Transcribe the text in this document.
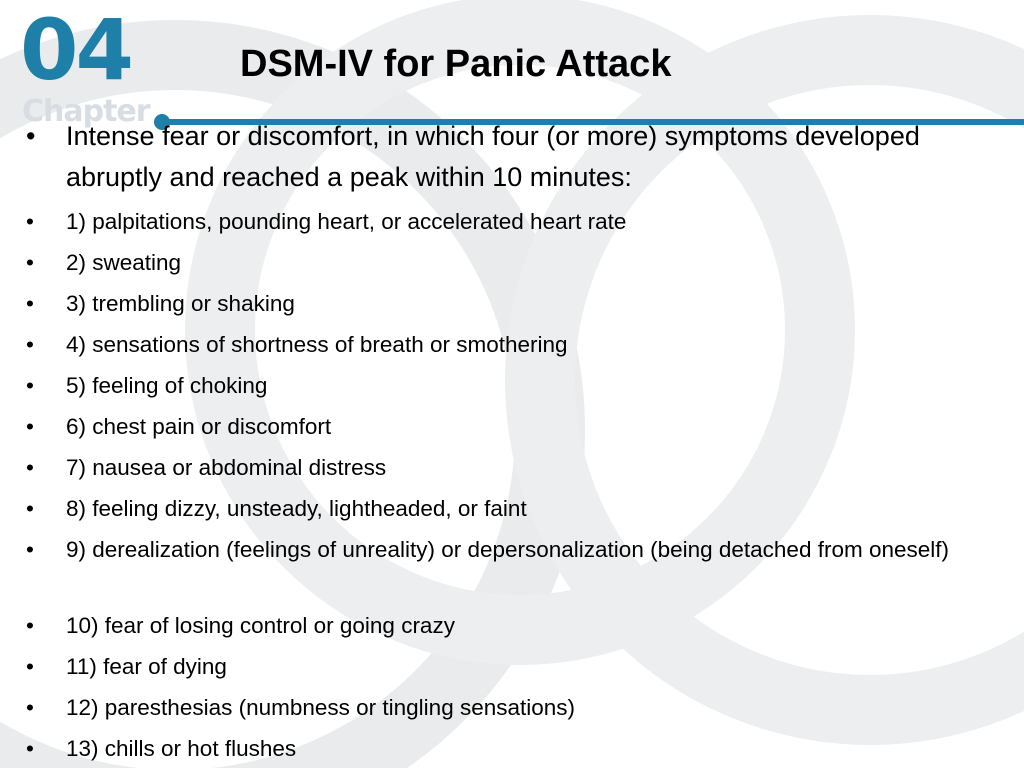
04
Chapter
DSM-IV for Panic Attack
• Intense fear or discomfort, in which four (or more) symptoms developed abruptly and reached a peak within 10 minutes:
• 1) palpitations, pounding heart, or accelerated heart rate
• 2) sweating
• 3) trembling or shaking
• 4) sensations of shortness of breath or smothering
• 5) feeling of choking
• 6) chest pain or discomfort
• 7) nausea or abdominal distress
• 8) feeling dizzy, unsteady, lightheaded, or faint
• 9) derealization (feelings of unreality) or depersonalization (being detached from oneself)
• 10) fear of losing control or going crazy
• 11) fear of dying
• 12) paresthesias (numbness or tingling sensations)
• 13) chills or hot flushes
